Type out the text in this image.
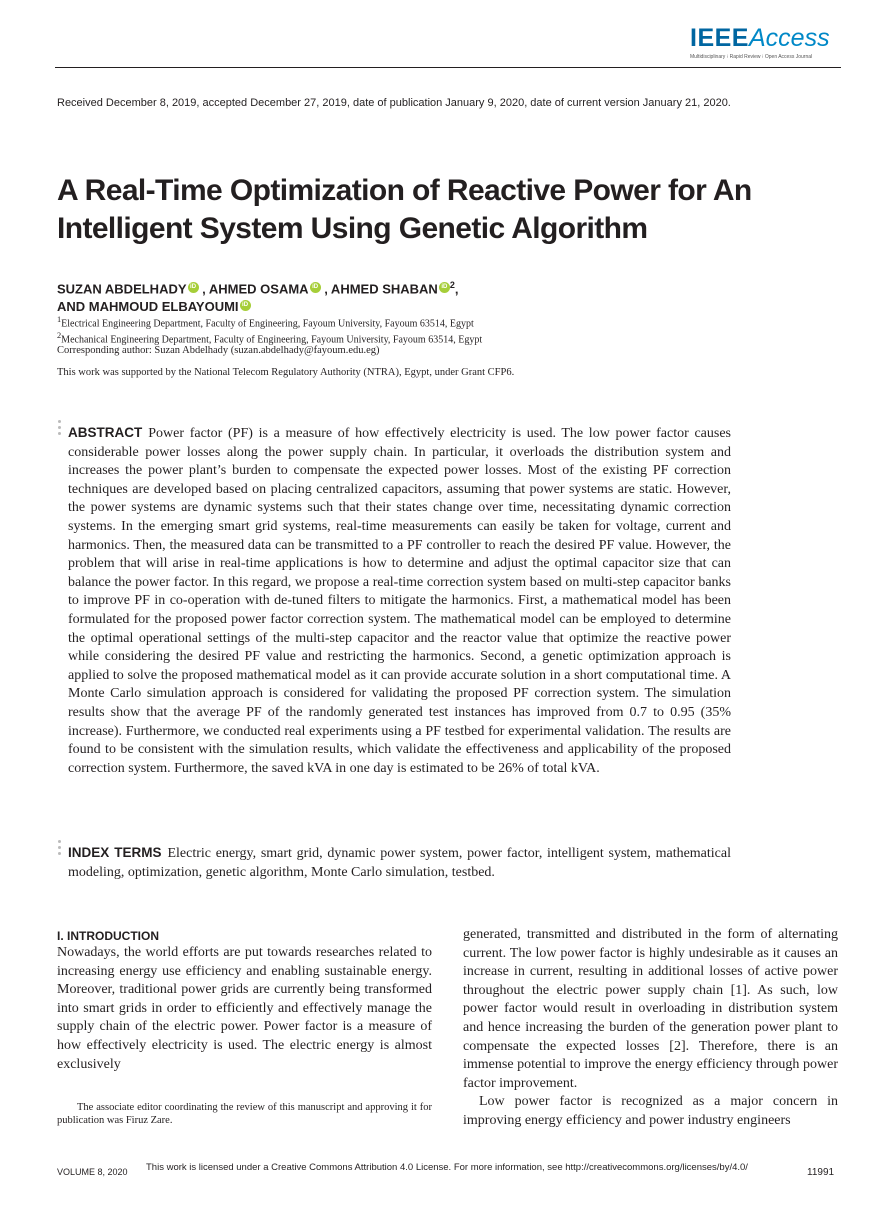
IEEEAccess
Multidisciplinary ⁝ Rapid Review ⁝ Open Access Journal
Received December 8, 2019, accepted December 27, 2019, date of publication January 9, 2020, date of current version January 21, 2020.
A Real-Time Optimization of Reactive Power for An Intelligent System Using Genetic Algorithm
SUZAN ABDELHADY iD , AHMED OSAMA iD , AHMED SHABAN iD $^2$,
AND MAHMOUD ELBAYOUMI iD
$^1$Electrical Engineering Department, Faculty of Engineering, Fayoum University, Fayoum 63514, Egypt
$^2$Mechanical Engineering Department, Faculty of Engineering, Fayoum University, Fayoum 63514, Egypt
Corresponding author: Suzan Abdelhady (suzan.abdelhady@fayoum.edu.eg)
This work was supported by the National Telecom Regulatory Authority (NTRA), Egypt, under Grant CFP6.
ABSTRACT Power factor (PF) is a measure of how effectively electricity is used. The low power factor causes considerable power losses along the power supply chain. In particular, it overloads the distribution system and increases the power plant’s burden to compensate the expected power losses. Most of the existing PF correction techniques are developed based on placing centralized capacitors, assuming that power systems are static. However, the power systems are dynamic systems such that their states change over time, necessitating dynamic correction systems. In the emerging smart grid systems, real-time measurements can easily be taken for voltage, current and harmonics. Then, the measured data can be transmitted to a PF controller to reach the desired PF value. However, the problem that will arise in real-time applications is how to determine and adjust the optimal capacitor size that can balance the power factor. In this regard, we propose a real-time correction system based on multi-step capacitor banks to improve PF in co-operation with de-tuned filters to mitigate the harmonics. First, a mathematical model has been formulated for the proposed power factor correction system. The mathematical model can be employed to determine the optimal operational settings of the multi-step capacitor and the reactor value that optimize the reactive power while considering the desired PF value and restricting the harmonics. Second, a genetic optimization approach is applied to solve the proposed mathematical model as it can provide accurate solution in a short computational time. A Monte Carlo simulation approach is considered for validating the proposed PF correction system. The simulation results show that the average PF of the randomly generated test instances has improved from 0.7 to 0.95 (35% increase). Furthermore, we conducted real experiments using a PF testbed for experimental validation. The results are found to be consistent with the simulation results, which validate the effectiveness and applicability of the proposed correction system. Furthermore, the saved kVA in one day is estimated to be 26% of total kVA.
INDEX TERMS Electric energy, smart grid, dynamic power system, power factor, intelligent system, mathematical modeling, optimization, genetic algorithm, Monte Carlo simulation, testbed.
I. INTRODUCTION
Nowadays, the world efforts are put towards researches related to increasing energy use efficiency and enabling sustainable energy. Moreover, traditional power grids are currently being transformed into smart grids in order to efficiently and effectively manage the supply chain of the electric power. Power factor is a measure of how effectively electricity is used. The electric energy is almost exclusively

generated, transmitted and distributed in the form of alternating current. The low power factor is highly undesirable as it causes an increase in current, resulting in additional losses of active power throughout the electric power supply chain [1]. As such, low power factor would result in overloading in distribution system and hence increasing the burden of the generation power plant to compensate the expected losses [2]. Therefore, there is an immense potential to improve the energy efficiency through power factor improvement.

Low power factor is recognized as a major concern in improving energy efficiency and power industry engineers

The associate editor coordinating the review of this manuscript and approving it for publication was Firuz Zare.
VOLUME 8, 2020 This work is licensed under a Creative Commons Attribution 4.0 License. For more information, see http://creativecommons.org/licenses/by/4.0/	11991
